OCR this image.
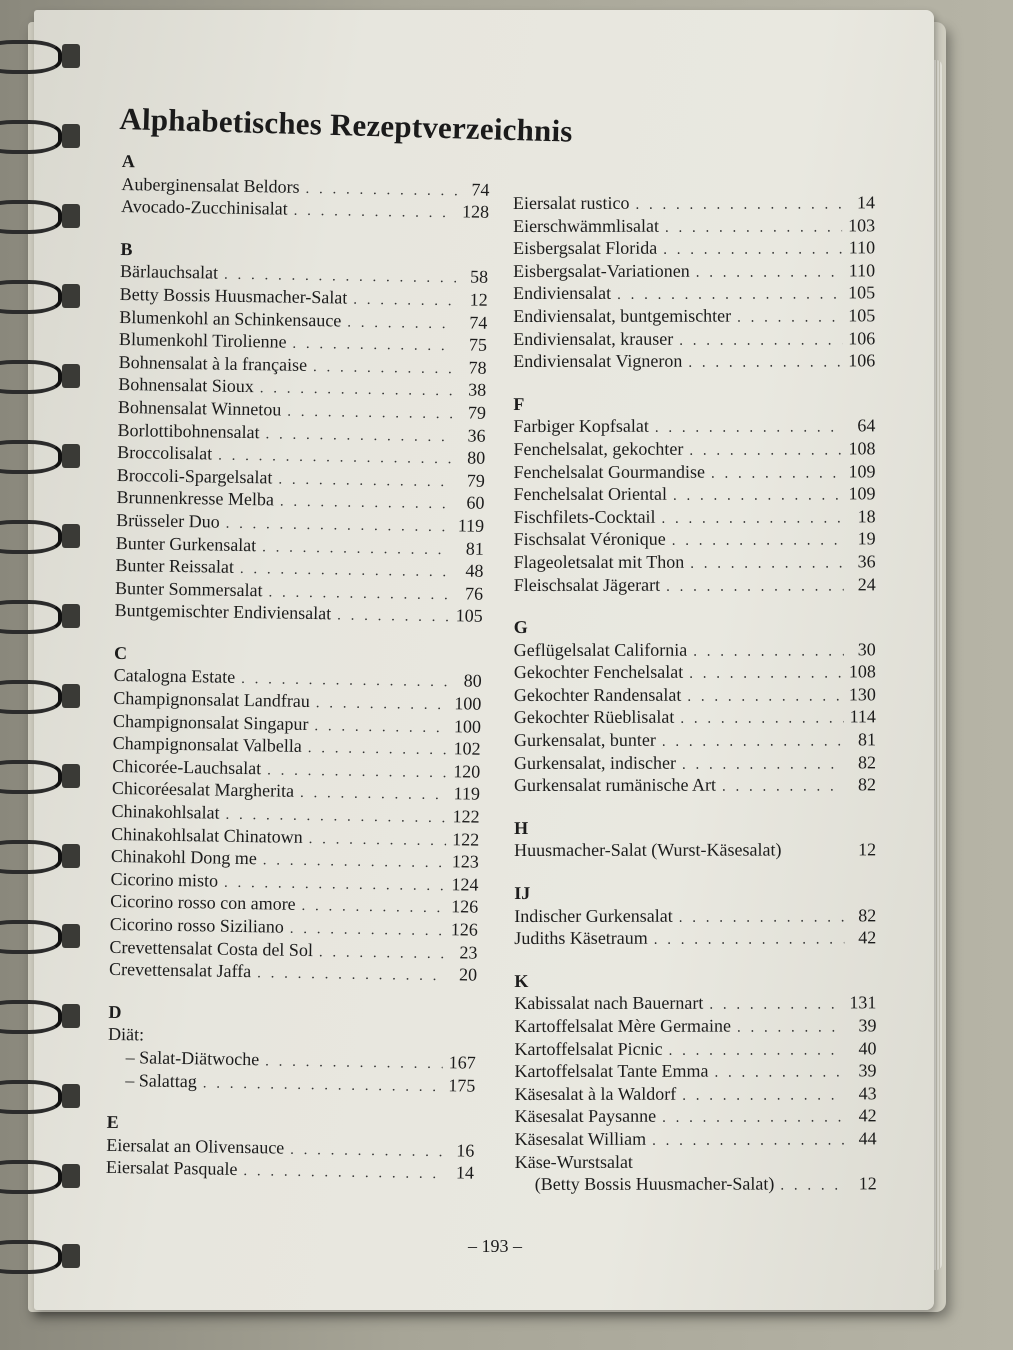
Alphabetisches Rezeptverzeichnis
A
Auberginensalat Beldors . . .	74
Avocado-Zucchinisalat . . .	128
B
Bärlauchsalat . . .	58
Betty Bossis Huusmacher-Salat . . .	12
Blumenkohl an Schinkensauce . . .	74
Blumenkohl Tirolienne . . .	75
Bohnensalat à la française . . .	78
Bohnensalat Sioux . . .	38
Bohnensalat Winnetou . . .	79
Borlottibohnensalat . . .	36
Broccolisalat . . .	80
Broccoli-Spargelsalat . . .	79
Brunnenkresse Melba . . .	60
Brüsseler Duo . . .	119
Bunter Gurkensalat . . .	81
Bunter Reissalat . . .	48
Bunter Sommersalat . . .	76
Buntgemischter Endiviensalat . . .	105
C
Catalogna Estate . . .	80
Champignonsalat Landfrau . . .	100
Champignonsalat Singapur . . .	100
Champignonsalat Valbella . . .	102
Chicorée-Lauchsalat . . .	120
Chicoréesalat Margherita . . .	119
Chinakohlsalat . . .	122
Chinakohlsalat Chinatown . . .	122
Chinakohl Dong me . . .	123
Cicorino misto . . .	124
Cicorino rosso con amore . . .	126
Cicorino rosso Siziliano . . .	126
Crevettensalat Costa del Sol . . .	23
Crevettensalat Jaffa . . .	20
D
Diät:
– Salat-Diätwoche . . .	167
– Salattag . . .	175
E
Eiersalat an Olivensauce . . .	16
Eiersalat Pasquale . . .	14
Eiersalat rustico . . .	14
Eierschwämmlisalat . . .	103
Eisbergsalat Florida . . .	110
Eisbergsalat-Variationen . . .	110
Endiviensalat . . .	105
Endiviensalat, buntgemischter . . .	105
Endiviensalat, krauser . . .	106
Endiviensalat Vigneron . . .	106
F
Farbiger Kopfsalat . . .	64
Fenchelsalat, gekochter . . .	108
Fenchelsalat Gourmandise . . .	109
Fenchelsalat Oriental . . .	109
Fischfilets-Cocktail . . .	18
Fischsalat Véronique . . .	19
Flageoletsalat mit Thon . . .	36
Fleischsalat Jägerart . . .	24
G
Geflügelsalat California . . .	30
Gekochter Fenchelsalat . . .	108
Gekochter Randensalat . . .	130
Gekochter Rüeblisalat . . .	114
Gurkensalat, bunter . . .	81
Gurkensalat, indischer . . .	82
Gurkensalat rumänische Art . . .	82
H
Huusmacher-Salat (Wurst-Käsesalat)	12
IJ
Indischer Gurkensalat . . .	82
Judiths Käsetraum . . .	42
K
Kabissalat nach Bauernart . . .	131
Kartoffelsalat Mère Germaine . . .	39
Kartoffelsalat Picnic . . .	40
Kartoffelsalat Tante Emma . . .	39
Käsesalat à la Waldorf . . .	43
Käsesalat Paysanne . . .	42
Käsesalat William . . .	44
Käse-Wurstsalat
(Betty Bossis Huusmacher-Salat) . . .	12
– 193 –
